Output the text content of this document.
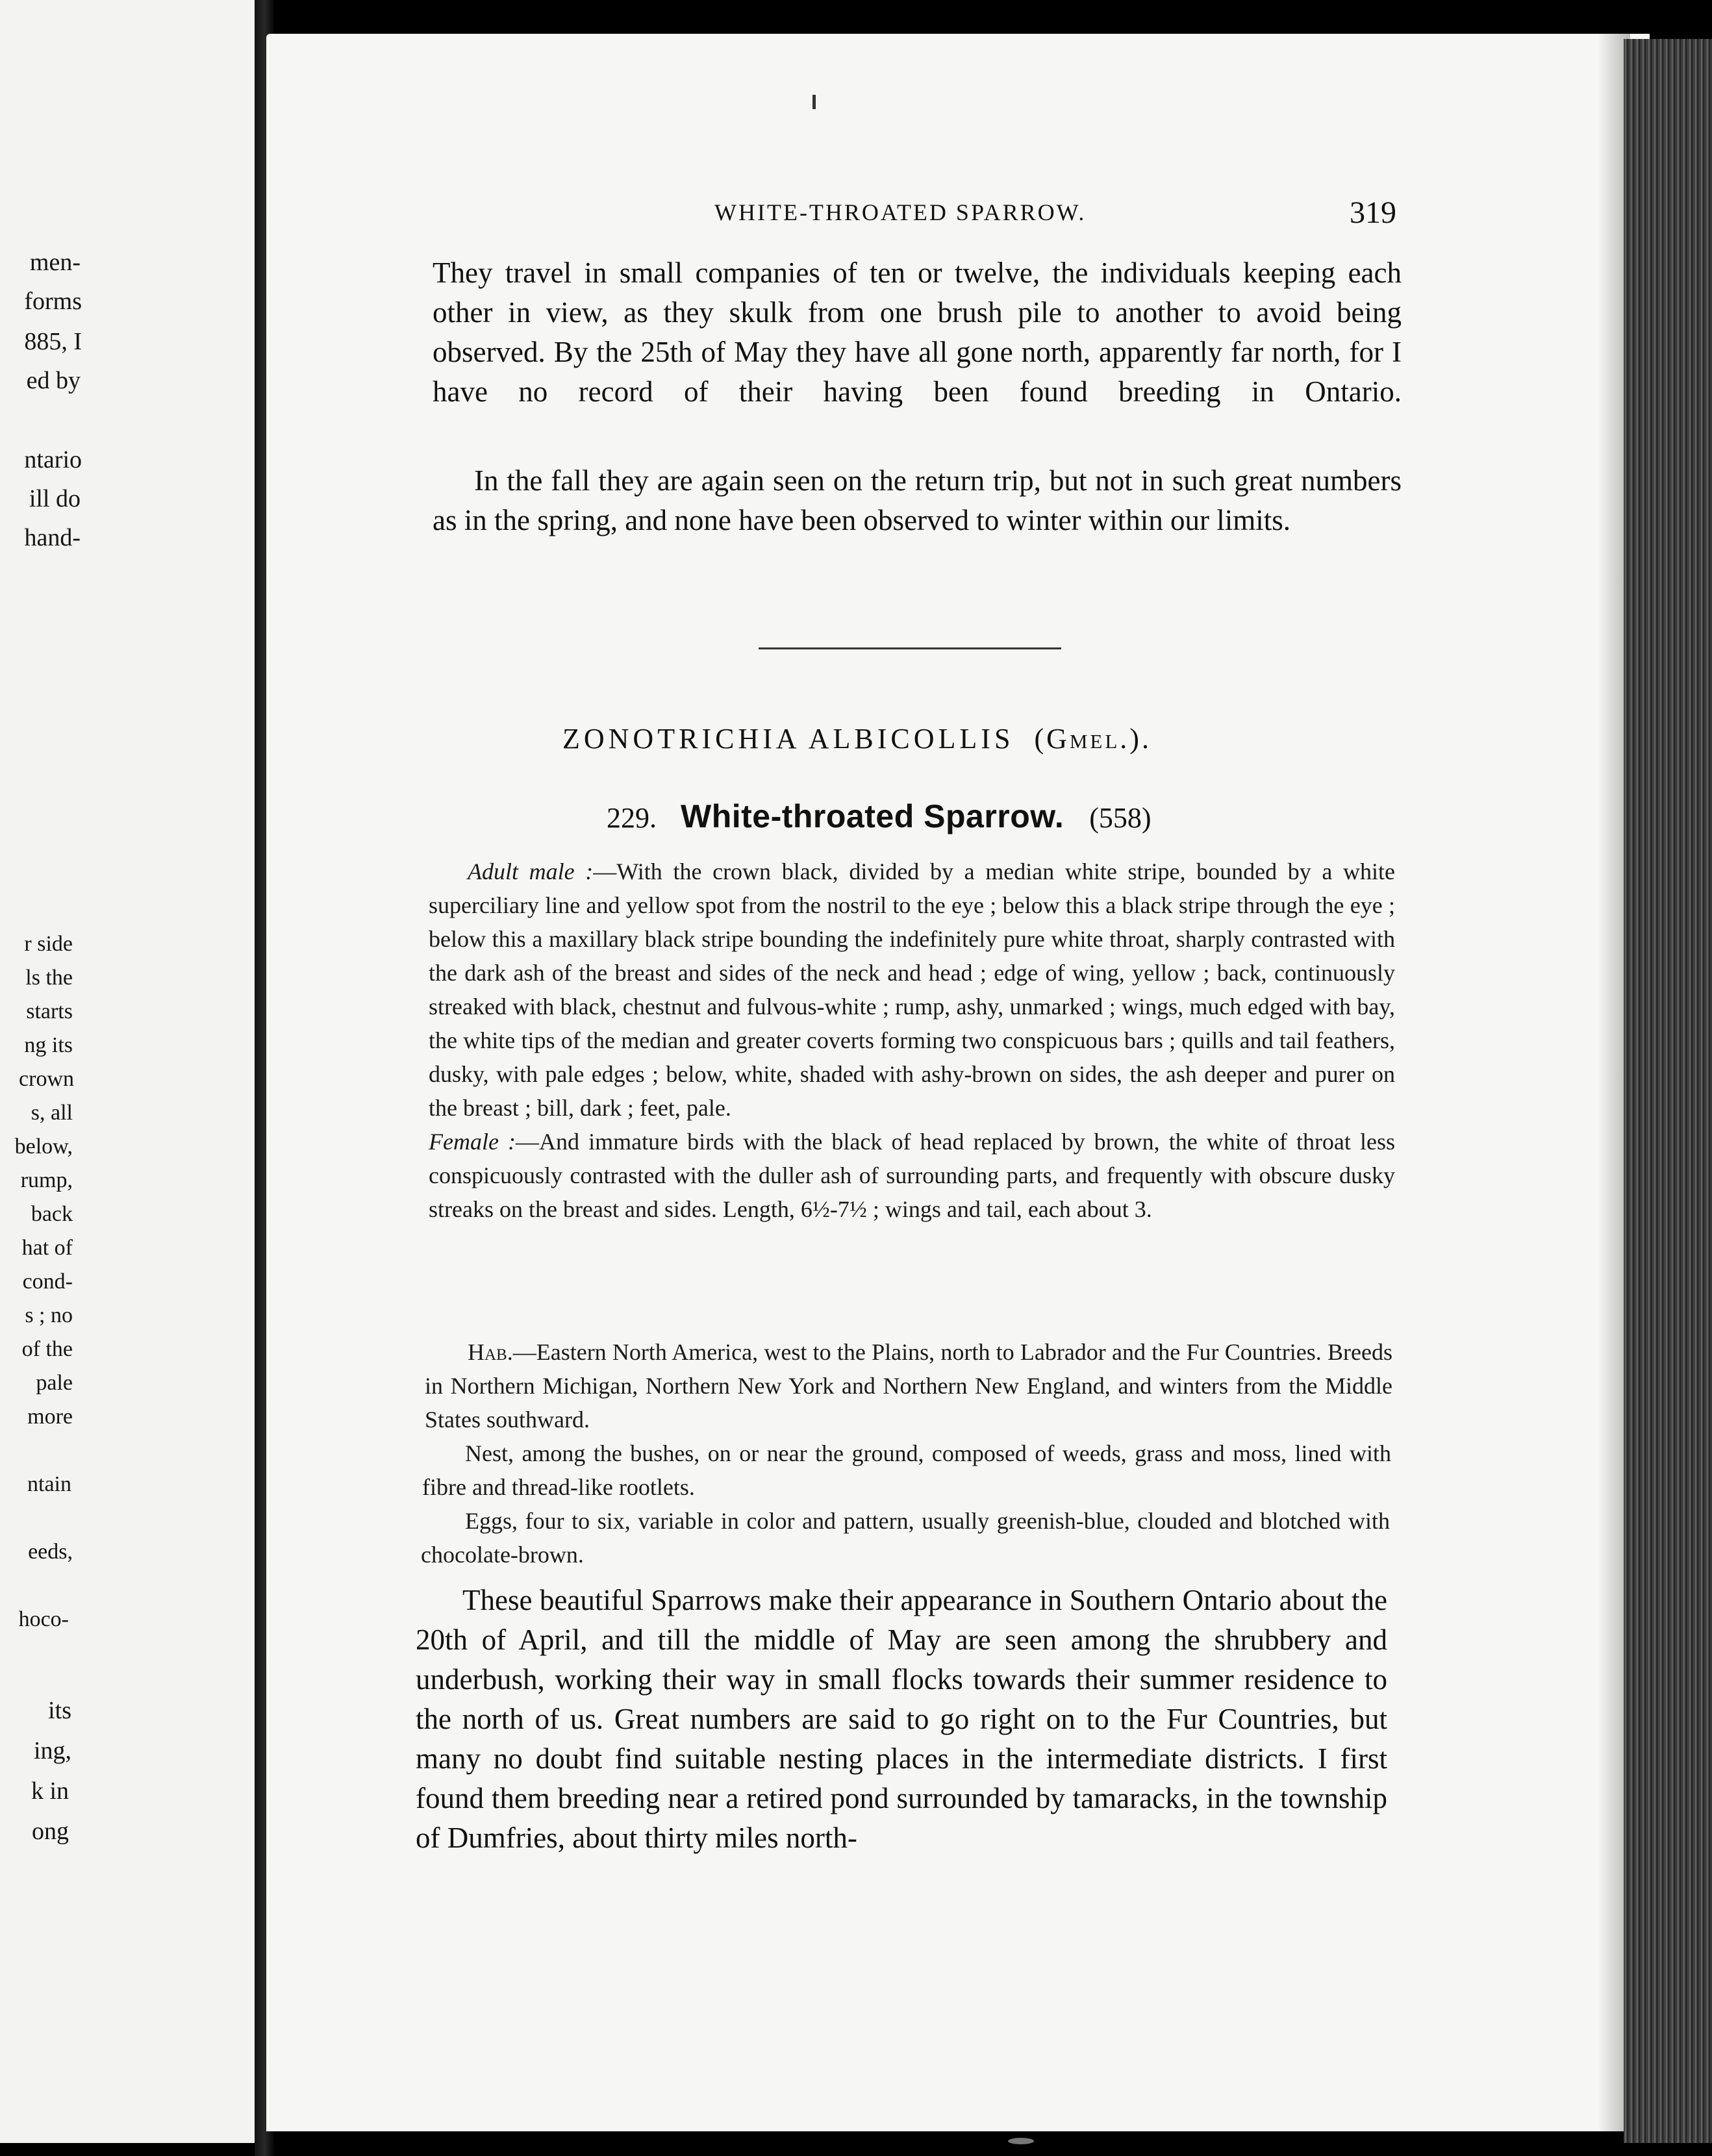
men-
forms
885, I
ed by
ntario
ill do
hand-
r side
ls the
starts
ng its
crown
s, all
below,
rump,
back
hat of
cond-
s ; no
of the
pale
more
ntain
eeds,
hoco-
its
ing,
k in
ong
WHITE-THROATED SPARROW.	319

They travel in small companies of ten or twelve, the individuals keeping each other in view, as they skulk from one brush pile to another to avoid being observed. By the 25th of May they have all gone north, apparently far north, for I have no record of their having been found breeding in Ontario.

In the fall they are again seen on the return trip, but not in such great numbers as in the spring, and none have been observed to winter within our limits.

ZONOTRICHIA ALBICOLLIS (Gmel.).
229. White-throated Sparrow. (558)

Adult male :—With the crown black, divided by a median white stripe, bounded by a white superciliary line and yellow spot from the nostril to the eye ; below this a black stripe through the eye ; below this a maxillary black stripe bounding the indefinitely pure white throat, sharply contrasted with the dark ash of the breast and sides of the neck and head ; edge of wing, yellow ; back, continuously streaked with black, chestnut and fulvous-white ; rump, ashy, unmarked ; wings, much edged with bay, the white tips of the median and greater coverts forming two conspicuous bars ; quills and tail feathers, dusky, with pale edges ; below, white, shaded with ashy-brown on sides, the ash deeper and purer on the breast ; bill, dark ; feet, pale.
Female :—And immature birds with the black of head replaced by brown, the white of throat less conspicuously contrasted with the duller ash of surrounding parts, and frequently with obscure dusky streaks on the breast and sides. Length, 6½-7½ ; wings and tail, each about 3.

Hab.—Eastern North America, west to the Plains, north to Labrador and the Fur Countries. Breeds in Northern Michigan, Northern New York and Northern New England, and winters from the Middle States southward.

Nest, among the bushes, on or near the ground, composed of weeds, grass and moss, lined with fibre and thread-like rootlets.

Eggs, four to six, variable in color and pattern, usually greenish-blue, clouded and blotched with chocolate-brown.

These beautiful Sparrows make their appearance in Southern Ontario about the 20th of April, and till the middle of May are seen among the shrubbery and underbush, working their way in small flocks towards their summer residence to the north of us. Great numbers are said to go right on to the Fur Countries, but many no doubt find suitable nesting places in the intermediate districts. I first found them breeding near a retired pond surrounded by tamaracks, in the township of Dumfries, about thirty miles north-
